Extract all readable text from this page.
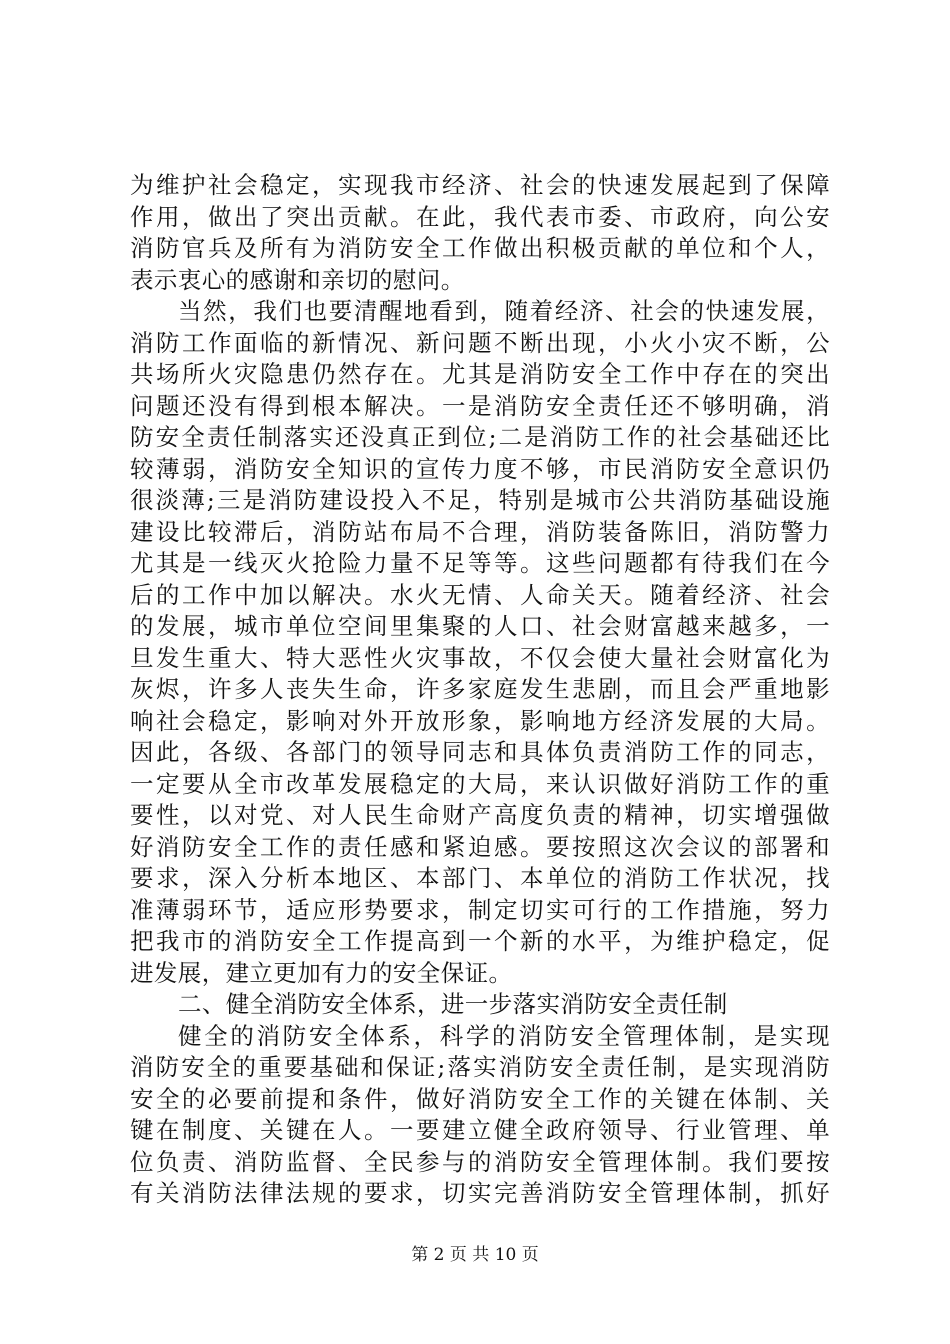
为维护社会稳定，实现我市经济、社会的快速发展起到了保障
作用，做出了突出贡献。在此，我代表市委、市政府，向公安
消防官兵及所有为消防安全工作做出积极贡献的单位和个人，
表示衷心的感谢和亲切的慰问。
当然，我们也要清醒地看到，随着经济、社会的快速发展，
消防工作面临的新情况、新问题不断出现，小火小灾不断，公
共场所火灾隐患仍然存在。尤其是消防安全工作中存在的突出
问题还没有得到根本解决。一是消防安全责任还不够明确，消
防安全责任制落实还没真正到位;二是消防工作的社会基础还比
较薄弱，消防安全知识的宣传力度不够，市民消防安全意识仍
很淡薄;三是消防建设投入不足，特别是城市公共消防基础设施
建设比较滞后，消防站布局不合理，消防装备陈旧，消防警力
尤其是一线灭火抢险力量不足等等。这些问题都有待我们在今
后的工作中加以解决。水火无情、人命关天。随着经济、社会
的发展，城市单位空间里集聚的人口、社会财富越来越多，一
旦发生重大、特大恶性火灾事故，不仅会使大量社会财富化为
灰烬，许多人丧失生命，许多家庭发生悲剧，而且会严重地影
响社会稳定，影响对外开放形象，影响地方经济发展的大局。
因此，各级、各部门的领导同志和具体负责消防工作的同志，
一定要从全市改革发展稳定的大局，来认识做好消防工作的重
要性，以对党、对人民生命财产高度负责的精神，切实增强做
好消防安全工作的责任感和紧迫感。要按照这次会议的部署和
要求，深入分析本地区、本部门、本单位的消防工作状况，找
准薄弱环节，适应形势要求，制定切实可行的工作措施，努力
把我市的消防安全工作提高到一个新的水平，为维护稳定，促
进发展，建立更加有力的安全保证。
二、健全消防安全体系，进一步落实消防安全责任制
健全的消防安全体系，科学的消防安全管理体制，是实现
消防安全的重要基础和保证;落实消防安全责任制，是实现消防
安全的必要前提和条件，做好消防安全工作的关键在体制、关
键在制度、关键在人。一要建立健全政府领导、行业管理、单
位负责、消防监督、全民参与的消防安全管理体制。我们要按
有关消防法律法规的要求，切实完善消防安全管理体制，抓好
第 2 页 共 10 页
